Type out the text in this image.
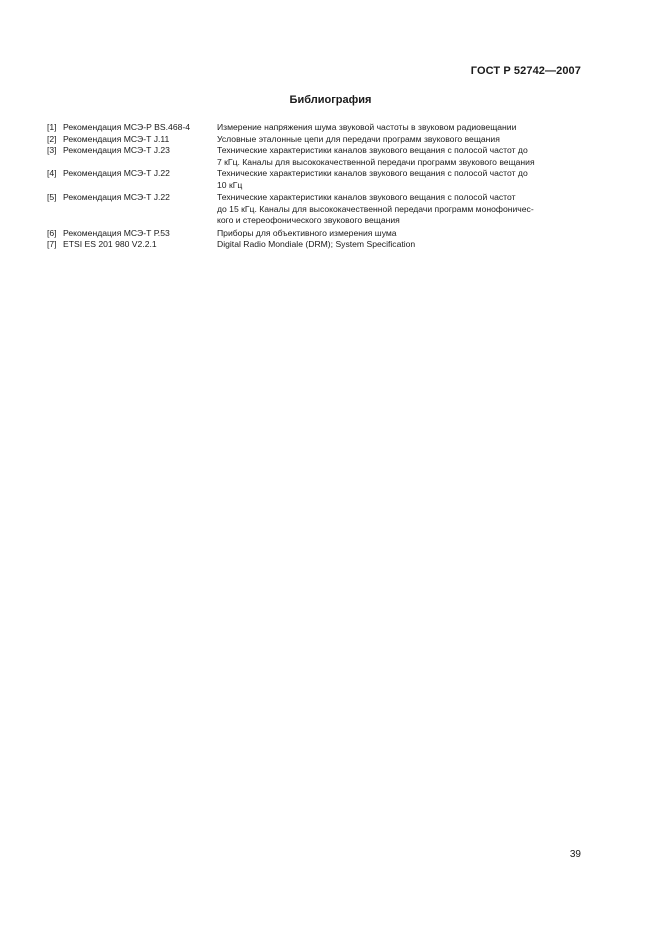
ГОСТ Р 52742—2007
Библиография
[1] Рекомендация МСЭ-Р BS.468-4	Измерение напряжения шума звуковой частоты в звуковом радиовещании
[2] Рекомендация МСЭ-Т J.11	Условные эталонные цепи для передачи программ звукового вещания
[3] Рекомендация МСЭ-Т J.23	Технические характеристики каналов звукового вещания с полосой частот до
7 кГц. Каналы для высококачественной передачи программ звукового вещания
[4] Рекомендация МСЭ-Т J.22	Технические характеристики каналов звукового вещания с полосой частот до
10 кГц
[5] Рекомендация МСЭ-Т J.22	Технические характеристики каналов звукового вещания с полосой частот
до 15 кГц. Каналы для высококачественной передачи программ монофоничес-
кого и стереофонического звукового вещания
[6] Рекомендация МСЭ-Т Р.53	Приборы для объективного измерения шума
[7] ETSI ES 201 980 V2.2.1	Digital Radio Mondiale (DRM); System Specification
39
